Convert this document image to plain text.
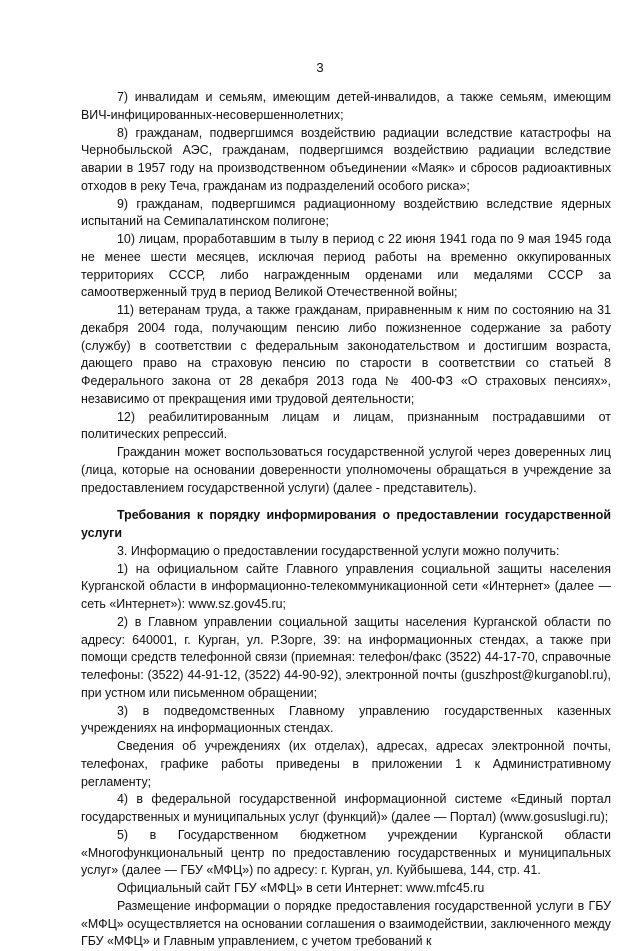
3

7) инвалидам и семьям, имеющим детей-инвалидов, а также семьям, имеющим ВИЧ-инфицированных-несовершеннолетних;

8) гражданам, подвергшимся воздействию радиации вследствие катастрофы на Чернобыльской АЭС, гражданам, подвергшимся воздействию радиации вследствие аварии в 1957 году на производственном объединении «Маяк» и сбросов радиоактивных отходов в реку Теча, гражданам из подразделений особого риска»;

9) гражданам, подвергшимся радиационному воздействию вследствие ядерных испытаний на Семипалатинском полигоне;

10) лицам, проработавшим в тылу в период с 22 июня 1941 года по 9 мая 1945 года не менее шести месяцев, исключая период работы на временно оккупированных территориях СССР, либо награжденным орденами или медалями СССР за самоотверженный труд в период Великой Отечественной войны;

11) ветеранам труда, а также гражданам, приравненным к ним по состоянию на 31 декабря 2004 года, получающим пенсию либо пожизненное содержание за работу (службу) в соответствии с федеральным законодательством и достигшим возраста, дающего право на страховую пенсию по старости в соответствии со статьей 8 Федерального закона от 28 декабря 2013 года № 400-ФЗ «О страховых пенсиях», независимо от прекращения ими трудовой деятельности;

12) реабилитированным лицам и лицам, признанным пострадавшими от политических репрессий.

Гражданин может воспользоваться государственной услугой через доверенных лиц (лица, которые на основании доверенности уполномочены обращаться в учреждение за предоставлением государственной услуги) (далее - представитель).

Требования к порядку информирования о предоставлении государственной услуги

3. Информацию о предоставлении государственной услуги можно получить:

1) на официальном сайте Главного управления социальной защиты населения Курганской области в информационно-телекоммуникационной сети «Интернет» (далее — сеть «Интернет»): www.sz.gov45.ru;

2) в Главном управлении социальной защиты населения Курганской области по адресу: 640001, г. Курган, ул. Р.Зорге, 39: на информационных стендах, а также при помощи средств телефонной связи (приемная: телефон/факс (3522) 44-17-70, справочные телефоны: (3522) 44-91-12, (3522) 44-90-92), электронной почты (guszhpost@kurganobl.ru), при устном или письменном обращении;

3) в подведомственных Главному управлению государственных казенных учреждениях на информационных стендах.

Сведения об учреждениях (их отделах), адресах, адресах электронной почты, телефонах, графике работы приведены в приложении 1 к Административному регламенту;

4) в федеральной государственной информационной системе «Единый портал государственных и муниципальных услуг (функций)» (далее — Портал) (www.gosuslugi.ru);

5) в Государственном бюджетном учреждении Курганской области «Многофункциональный центр по предоставлению государственных и муниципальных услуг» (далее — ГБУ «МФЦ») по адресу: г. Курган, ул. Куйбышева, 144, стр. 41.

Официальный сайт ГБУ «МФЦ» в сети Интернет: www.mfc45.ru

Размещение информации о порядке предоставления государственной услуги в ГБУ «МФЦ» осуществляется на основании соглашения о взаимодействии, заключенного между ГБУ «МФЦ» и Главным управлением, с учетом требований к
